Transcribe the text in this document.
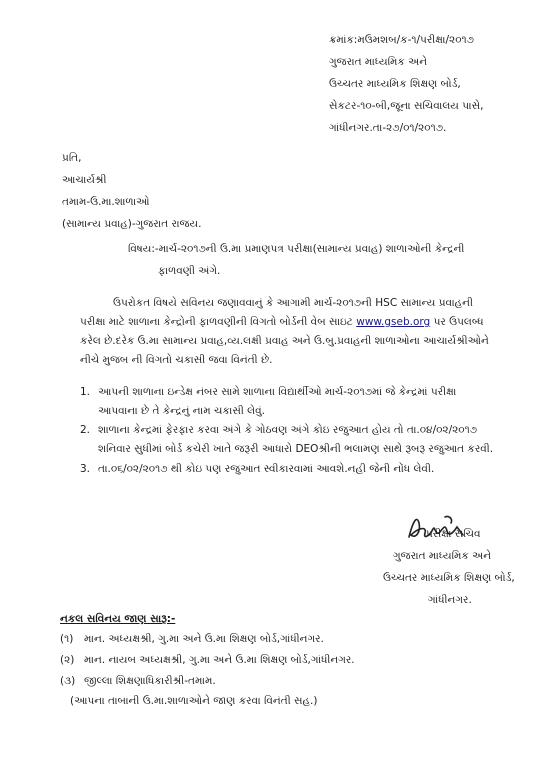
ક્રમાંક:મઉમશબ/ક-૧/પરીક્ષા/૨૦૧૭
ગુજરાત માધ્યમિક અને
ઉચ્ચતર માધ્યમિક શિક્ષણ બોર્ડ,
સેકટર-૧૦-બી,જૂના સચિવાલય પાસે,
ગાંધીનગર.તા-૨૭/૦૧/૨૦૧૭.
પ્રતિ,
આચાર્યશ્રી
તમામ-ઉ.મા.શાળાઓ
(સામાન્ય પ્રવાહ)-ગુજરાત રાજય.
વિષય:-માર્ચ-૨૦૧૭ની ઉ.મા પ્રમાણપત્ર પરીક્ષા(સામાન્ય પ્રવાહ) શાળાઓની કેન્દ્રની
ફાળવણી અંગે.
ઉપરોકત વિષયે સવિનય જણાવવાનું કે આગામી માર્ચ-૨૦૧૭ની HSC સામાન્ય પ્રવાહની
પરીક્ષા માટે શાળાના કેન્દ્રોની ફાળવણીની વિગતો બોર્ડની વેબ સાઇટ www.gseb.org પર ઉપલબ્ધ
કરેલ છે.દરેક ઉ.મા સામાન્ય પ્રવાહ,વ્ય.લક્ષી પ્રવાહ અને ઉ.બુ.પ્રવાહની શાળાઓના આચાર્યશ્રીઓને
નીચે મુજબ ની વિગતો ચકાસી જવા વિનંતી છે.
1. આપની શાળાના ઇન્ડેક્ષ નંબર સામે શાળાના વિદ્યાર્થીઓ માર્ચ-૨૦૧૭માં જે કેન્દ્રમાં પરીક્ષા
આપવાના છે તે કેન્દ્રનું નામ ચકાસી લેવું.
2. શાળાના કેન્દ્રમાં ફેરફાર કરવા અંગે કે ગોઠવણ અંગે કોઇ રજુઆત હોય તો તા.૦૪/૦૨/૨૦૧૭
શનિવાર સુધીમાં બોર્ડ કચેરી ખાતે જરૂરી આધારો DEOશ્રીની ભલામણ સાથે રૂબરૂ રજુઆત કરવી.
3. તા.૦૬/૦૨/૨૦૧૭ થી કોઇ પણ રજુઆત સ્વીકારવામાં આવશે.નહી જેની નોંધ લેવી.
પરીક્ષા સચિવ
ગુજરાત માધ્યમિક અને
ઉચ્ચતર માધ્યમિક શિક્ષણ બોર્ડ,
ગાંધીનગર.
નકલ સવિનય જાણ સારૂ:-
(૧) માન. અધ્યક્ષશ્રી, ગુ.મા અને ઉ.મા શિક્ષણ બોર્ડ,ગાંધીનગર.
(૨) માન. નાયબ અધ્યક્ષશ્રી, ગુ.મા અને ઉ.મા શિક્ષણ બોર્ડ,ગાંધીનગર.
(૩) જીલ્લા શિક્ષણાધિકારીશ્રી-તમામ.
(આપના તાબાની ઉ.મા.શાળાઓને જાણ કરવા વિનંતી સહ.)
